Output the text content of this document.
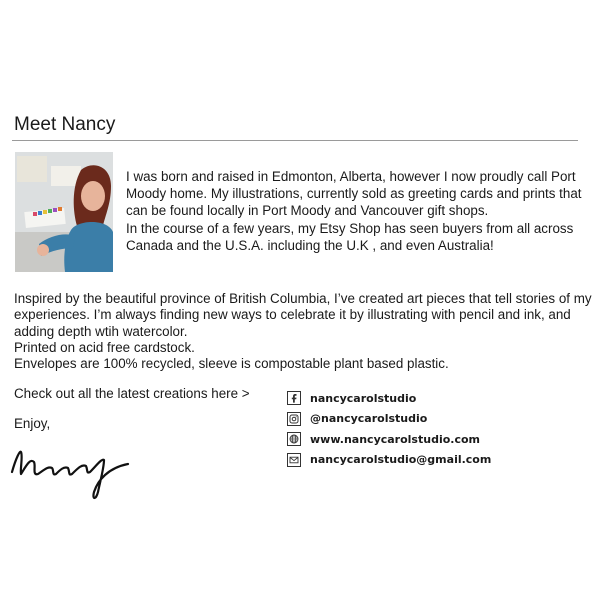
Meet Nancy

I was born and raised in Edmonton, Alberta, however I now proudly call Port Moody home. My illustrations, currently sold as greeting cards and prints that can be found locally in Port Moody and Vancouver gift shops.

In the course of a few years, my Etsy Shop has seen buyers from all across Canada and the U.S.A. including the U.K , and even Australia!

Inspired by the beautiful province of British Columbia, I’ve created art pieces that tell stories of my experiences. I’m always finding new ways to celebrate it by illustrating with pencil and ink, and adding depth wtih watercolor.

Printed on acid free cardstock.

Envelopes are 100% recycled, sleeve is compostable plant based plastic.

Check out all the latest creations here >
Enjoy,
nancycarolstudio
@nancycarolstudio
www.nancycarolstudio.com
nancycarolstudio@gmail.com
